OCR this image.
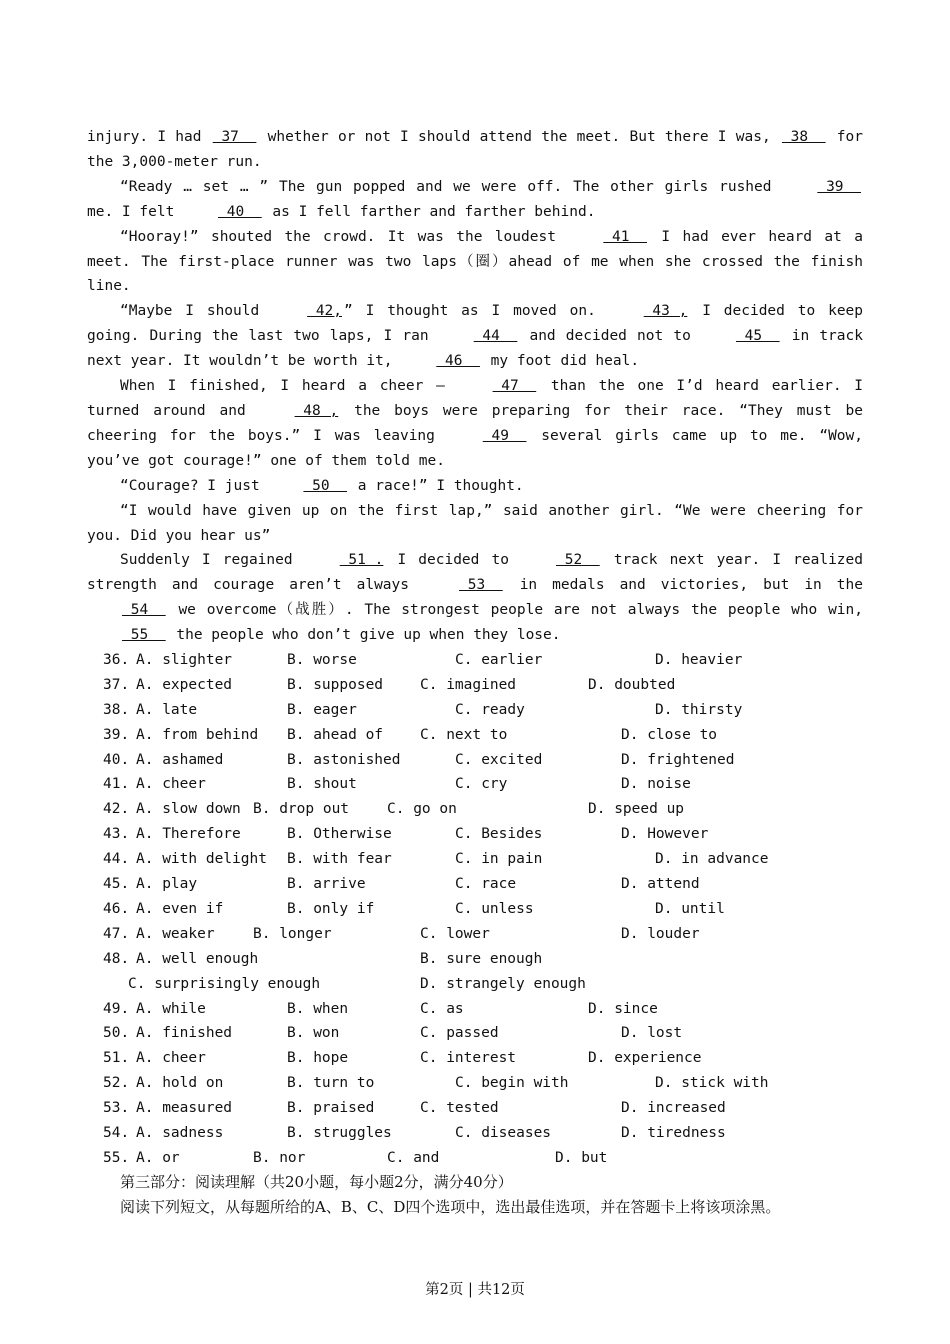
injury. I had  37   whether or not I should attend the meet. But there I was,  38   for the 3,000-meter run.

“Ready … set … ” The gun popped and we were off. The other girls rushed  39   me. I felt  40   as I fell farther and farther behind.

“Hooray!” shouted the crowd. It was the loudest  41   I had ever heard at a meet. The first-place runner was two laps（圈）ahead of me when she crossed the finish line.

“Maybe I should  42, ” I thought as I moved on.  43 , I decided to keep going. During the last two laps, I ran  44   and decided not to  45   in track next year. It wouldn’t be worth it,  46   my foot did heal.

When I finished, I heard a cheer —  47   than the one I’d heard earlier. I turned around and  48 , the boys were preparing for their race. “They must be cheering for the boys.” I was leaving  49   several girls came up to me. “Wow, you’ve got courage!” one of them told me.

“Courage? I just  50   a race!” I thought.

“I would have given up on the first lap,” said another girl. “We were cheering for you. Did you hear us”

Suddenly I regained  51 . I decided to  52   track next year. I realized strength and courage aren’t always  53   in medals and victories, but in the  54   we overcome（战胜）. The strongest people are not always the people who win,  55   the people who don’t give up when they lose.

36. A. slighter	B. worse	C. earlier	D. heavier
37. A. expected	B. supposed	C. imagined	D. doubted
38. A. late	B. eager	C. ready	D. thirsty
39. A. from behind B. ahead of	C. next to	D. close to
40. A. ashamed	B. astonished	C. excited	D. frightened
41. A. cheer	B. shout	C. cry	D. noise
42. A. slow down B. drop out	C. go on	D. speed up
43. A. Therefore	B. Otherwise	C. Besides	D. However
44. A. with delight B. with fear	C. in pain	D. in advance
45. A. play	B. arrive	C. race	D. attend
46. A. even if	B. only if	C. unless	D. until
47. A. weaker	B. longer	C. lower	D. louder
48. A. well enough	B. sure enough
C. surprisingly enough	D. strangely enough
49. A. while	B. when	C. as	D. since
50. A. finished	B. won	C. passed	D. lost
51. A. cheer	B. hope	C. interest	D. experience
52. A. hold on	B. turn to	C. begin with	D. stick with
53. A. measured	B. praised	C. tested	D. increased
54. A. sadness	B. struggles	C. diseases	D. tiredness
55. A. or	B. nor	C. and	D. but
第三部分：阅读理解（共20小题，每小题2分，满分40分）
阅读下列短文，从每题所给的A、B、C、D四个选项中，选出最佳选项，并在答题卡上将该项涂黑。
第2页 | 共12页
